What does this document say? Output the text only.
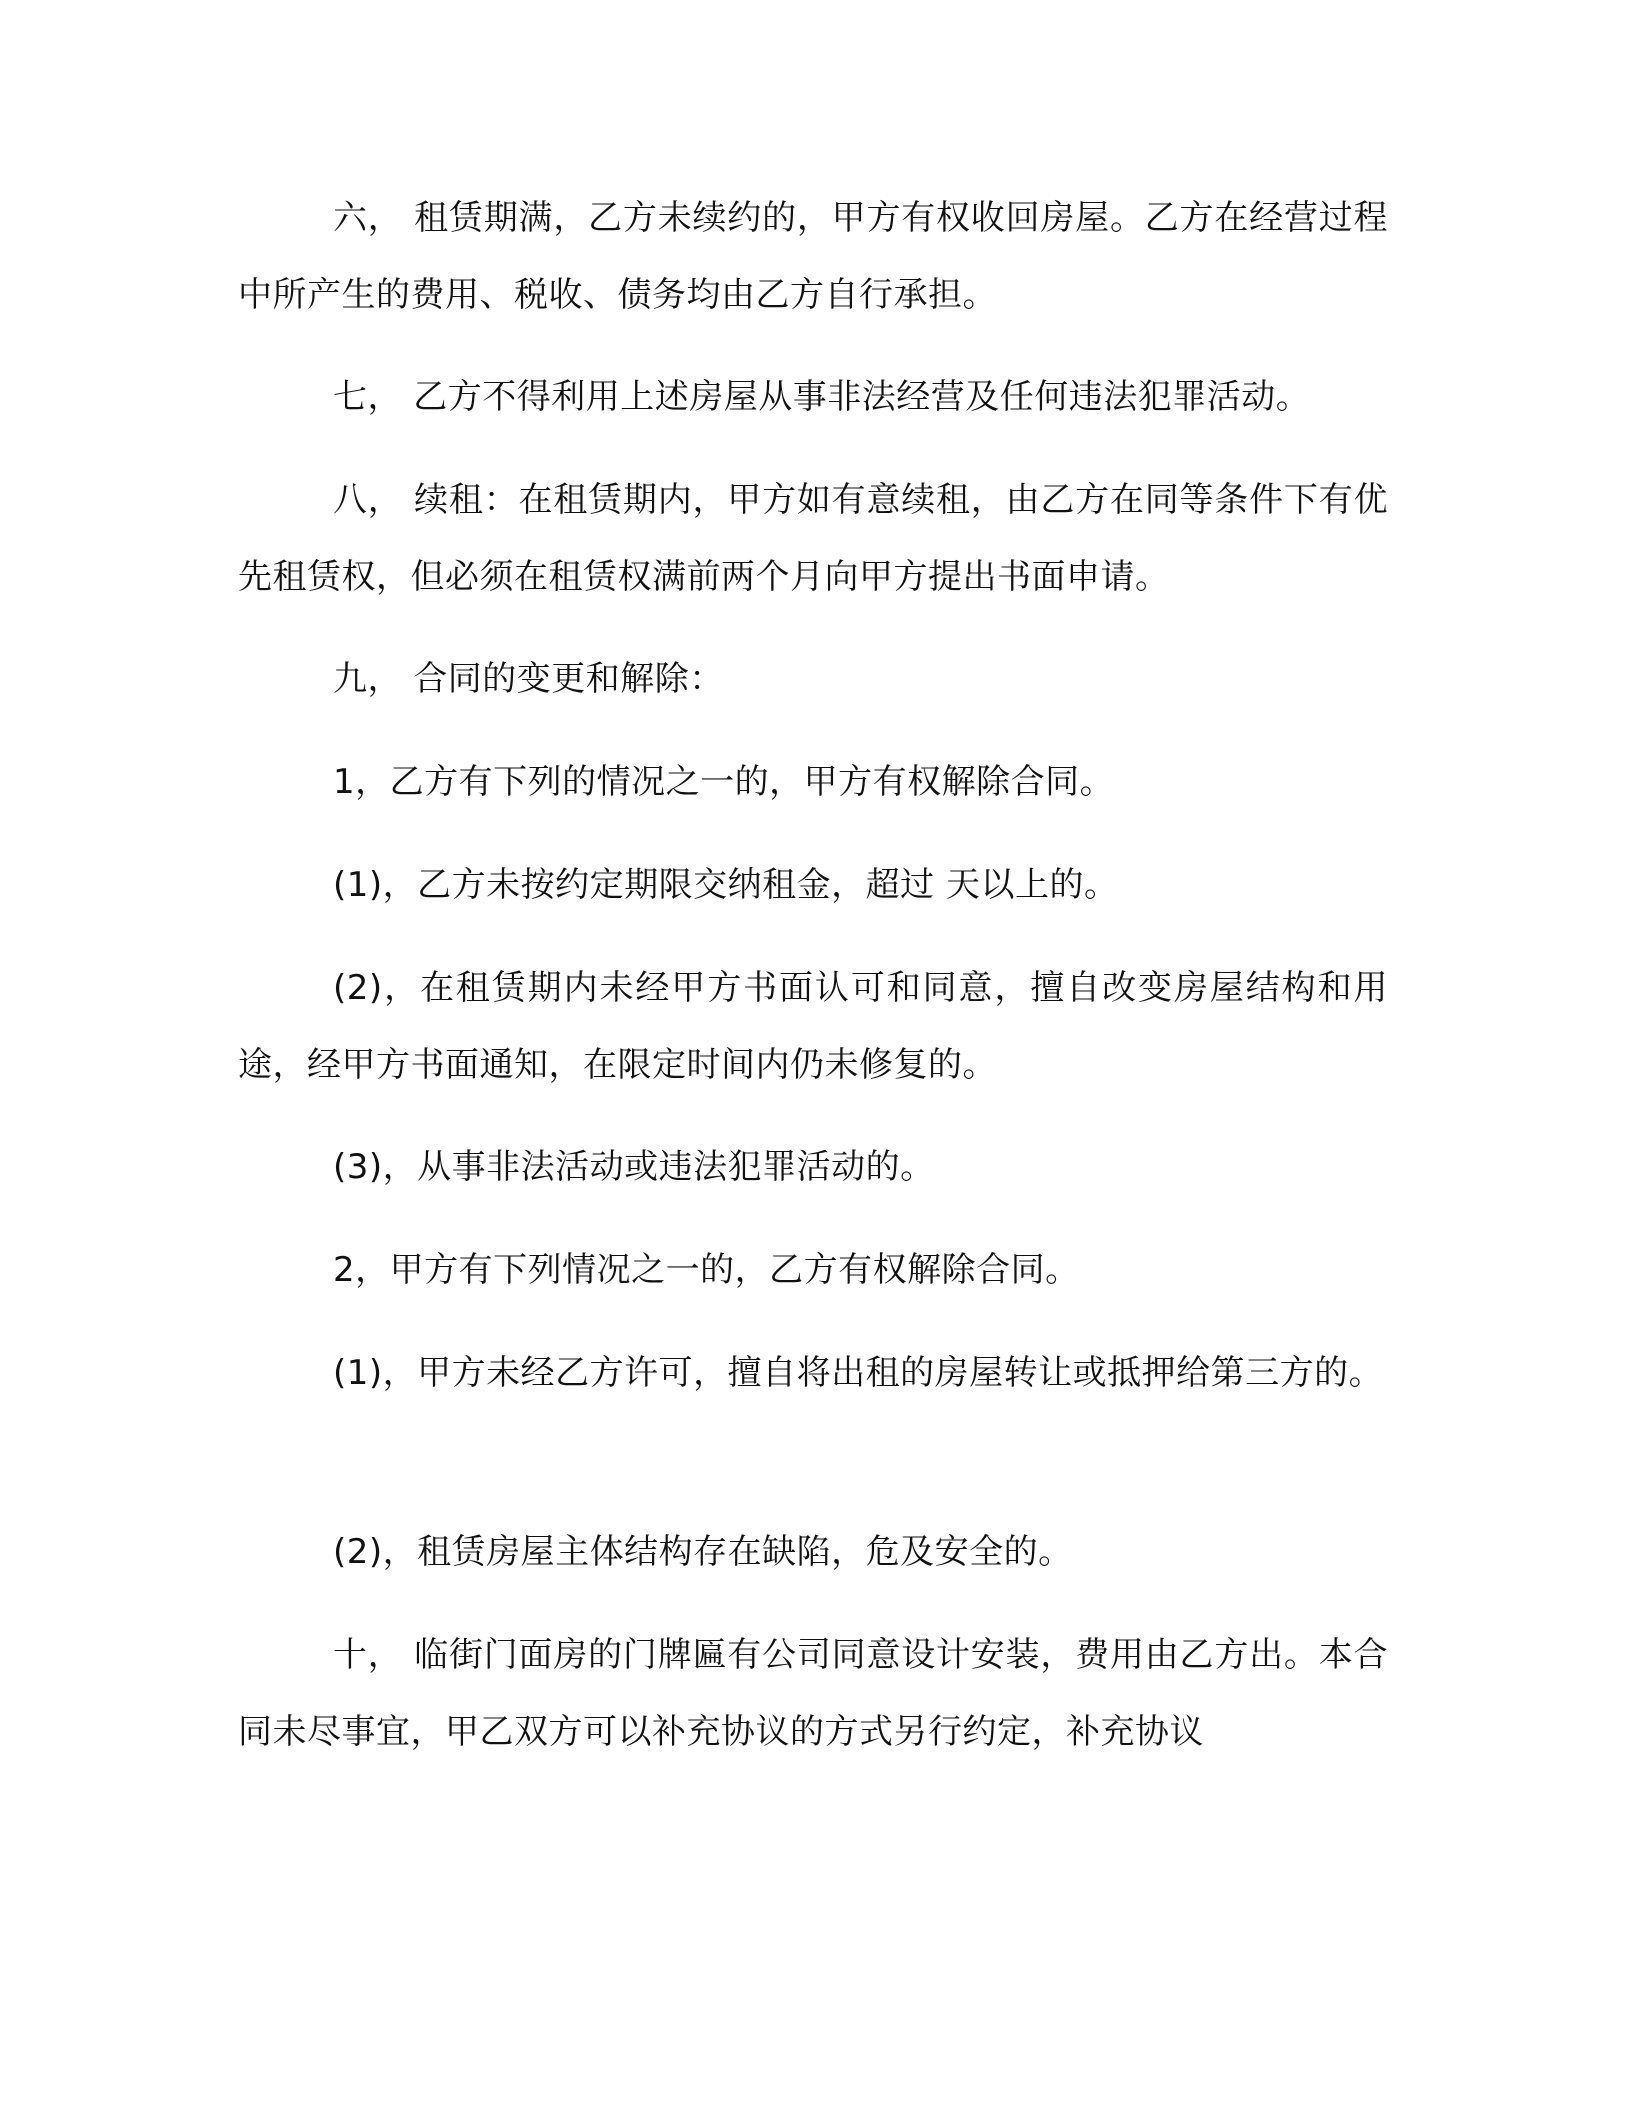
六， 租赁期满，乙方未续约的，甲方有权收回房屋。乙方在经营过程中所产生的费用、税收、债务均由乙方自行承担。

七， 乙方不得利用上述房屋从事非法经营及任何违法犯罪活动。

八， 续租：在租赁期内，甲方如有意续租，由乙方在同等条件下有优先租赁权，但必须在租赁权满前两个月向甲方提出书面申请。

九， 合同的变更和解除：

1，乙方有下列的情况之一的，甲方有权解除合同。

(1)，乙方未按约定期限交纳租金，超过 天以上的。

(2)，在租赁期内未经甲方书面认可和同意，擅自改变房屋结构和用途，经甲方书面通知，在限定时间内仍未修复的。

(3)，从事非法活动或违法犯罪活动的。

2，甲方有下列情况之一的，乙方有权解除合同。

(1)，甲方未经乙方许可，擅自将出租的房屋转让或抵押给第三方的。

(2)，租赁房屋主体结构存在缺陷，危及安全的。

十， 临街门面房的门牌匾有公司同意设计安装，费用由乙方出。本合同未尽事宜，甲乙双方可以补充协议的方式另行约定，补充协议
